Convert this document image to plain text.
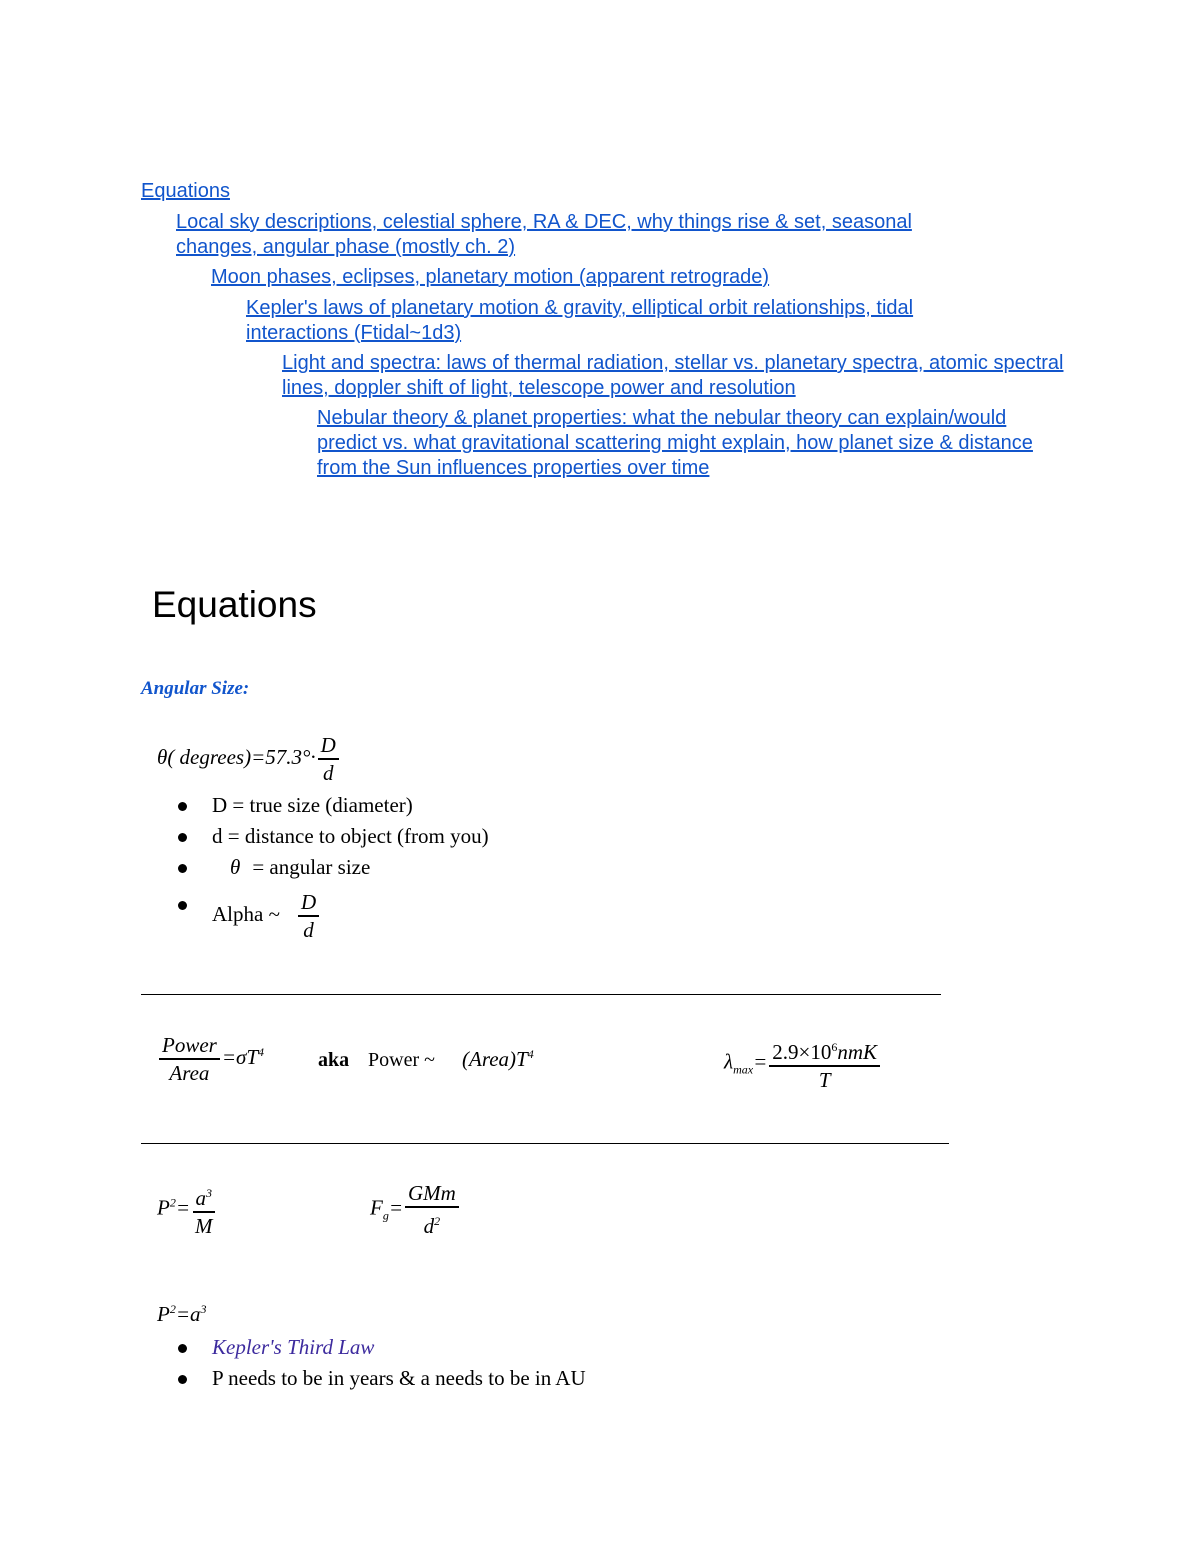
Equations
Local sky descriptions, celestial sphere, RA & DEC, why things rise & set, seasonal changes, angular phase (mostly ch. 2)
Moon phases, eclipses, planetary motion (apparent retrograde)
Kepler's laws of planetary motion & gravity, elliptical orbit relationships, tidal interactions (Ftidal~1d3)
Light and spectra: laws of thermal radiation, stellar vs. planetary spectra, atomic spectral lines, doppler shift of light, telescope power and resolution
Nebular theory & planet properties: what the nebular theory can explain/would predict vs. what gravitational scattering might explain, how planet size & distance from the Sun influences properties over time
Equations
Angular Size:
θ( degrees)=57.3°· $\frac{D}{d}$
D = true size (diameter)
d = distance to object (from you)
θ = angular size
Alpha ~ $\frac{D}{d}$
$\frac{\text{Power}}{\text{Area}} =\sigma T^4$	aka Power ~ $(Area)T^4$	$\lambda_{max}= \frac{2.9\times 10^6nmK}{T}$
$P^2= \frac{a^3}{M}$	$F_g= \frac{\text{GMm}}{d^2}$
$P^2=a^3$
Kepler's Third Law
P needs to be in years & a needs to be in AU
